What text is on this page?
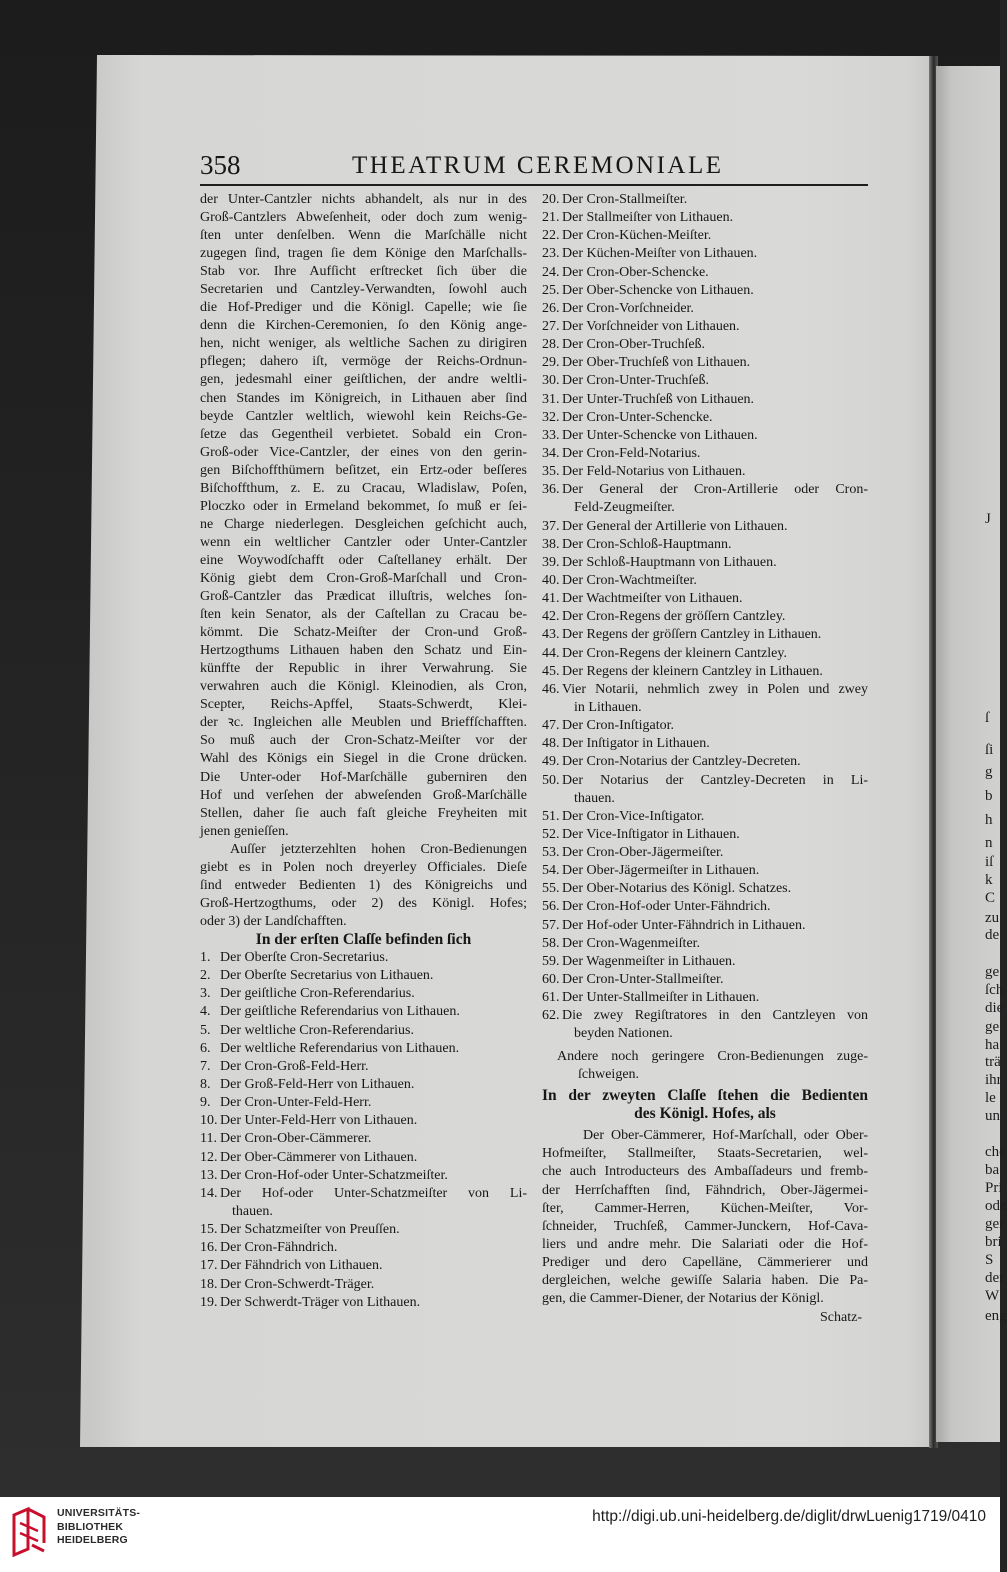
J
ſ
ſi
g
b
h
n
iſ
k
C
zu
de
ge
ſch
die
ge
ha
trä
ihr
le
un
che
ba
Pri
ode
ger
bri
S
der
W
eng
358	THEATRUM CEREMONIALE
der Unter-Cantzler nichts abhandelt, als nur in des
Groß-Cantzlers Abweſenheit, oder doch zum wenig-
ſten unter denſelben. Wenn die Marſchälle nicht
zugegen ſind, tragen ſie dem Könige den Marſchalls-
Stab vor. Ihre Aufſicht erſtrecket ſich über die
Secretarien und Cantzley-Verwandten, ſowohl auch
die Hof-Prediger und die Königl. Capelle; wie ſie
denn die Kirchen-Ceremonien, ſo den König ange-
hen, nicht weniger, als weltliche Sachen zu dirigiren
pflegen; dahero iſt, vermöge der Reichs-Ordnun-
gen, jedesmahl einer geiſtlichen, der andre weltli-
chen Standes im Königreich, in Lithauen aber ſind
beyde Cantzler weltlich, wiewohl kein Reichs-Ge-
ſetze das Gegentheil verbietet. Sobald ein Cron-
Groß-oder Vice-Cantzler, der eines von den gerin-
gen Biſchoffthümern beſitzet, ein Ertz-oder beſſeres
Biſchoffthum, z. E. zu Cracau, Wladislaw, Poſen,
Ploczko oder in Ermeland bekommet, ſo muß er ſei-
ne Charge niederlegen. Desgleichen geſchicht auch,
wenn ein weltlicher Cantzler oder Unter-Cantzler
eine Woywodſchafft oder Caſtellaney erhält. Der
König giebt dem Cron-Groß-Marſchall und Cron-
Groß-Cantzler das Prædicat illuſtris, welches ſon-
ſten kein Senator, als der Caſtellan zu Cracau be-
kömmt. Die Schatz-Meiſter der Cron-und Groß-
Hertzogthums Lithauen haben den Schatz und Ein-
künffte der Republic in ihrer Verwahrung. Sie
verwahren auch die Königl. Kleinodien, als Cron,
Scepter, Reichs-Apffel, Staats-Schwerdt, Klei-
der ꝛc. Ingleichen alle Meublen und Brieffſchafften.
So muß auch der Cron-Schatz-Meiſter vor der
Wahl des Königs ein Siegel in die Crone drücken.
Die Unter-oder Hof-Marſchälle guberniren den
Hof und verſehen der abweſenden Groß-Marſchälle
Stellen, daher ſie auch faſt gleiche Freyheiten mit
jenen genieſſen.
Auſſer jetzterzehlten hohen Cron-Bedienungen
giebt es in Polen noch dreyerley Officiales. Dieſe
ſind entweder Bedienten 1) des Königreichs und
Groß-Hertzogthums, oder 2) des Königl. Hofes;
oder 3) der Landſchafften.
In der erſten Claſſe befinden ſich
1. Der Oberſte Cron-Secretarius.
2. Der Oberſte Secretarius von Lithauen.
3. Der geiſtliche Cron-Referendarius.
4. Der geiſtliche Referendarius von Lithauen.
5. Der weltliche Cron-Referendarius.
6. Der weltliche Referendarius von Lithauen.
7. Der Cron-Groß-Feld-Herr.
8. Der Groß-Feld-Herr von Lithauen.
9. Der Cron-Unter-Feld-Herr.
10. Der Unter-Feld-Herr von Lithauen.
11. Der Cron-Ober-Cämmerer.
12. Der Ober-Cämmerer von Lithauen.
13. Der Cron-Hof-oder Unter-Schatzmeiſter.
14. Der Hof-oder Unter-Schatzmeiſter von Li-
thauen.
15. Der Schatzmeiſter von Preuſſen.
16. Der Cron-Fähndrich.
17. Der Fähndrich von Lithauen.
18. Der Cron-Schwerdt-Träger.
19. Der Schwerdt-Träger von Lithauen.
20. Der Cron-Stallmeiſter.
21. Der Stallmeiſter von Lithauen.
22. Der Cron-Küchen-Meiſter.
23. Der Küchen-Meiſter von Lithauen.
24. Der Cron-Ober-Schencke.
25. Der Ober-Schencke von Lithauen.
26. Der Cron-Vorſchneider.
27. Der Vorſchneider von Lithauen.
28. Der Cron-Ober-Truchſeß.
29. Der Ober-Truchſeß von Lithauen.
30. Der Cron-Unter-Truchſeß.
31. Der Unter-Truchſeß von Lithauen.
32. Der Cron-Unter-Schencke.
33. Der Unter-Schencke von Lithauen.
34. Der Cron-Feld-Notarius.
35. Der Feld-Notarius von Lithauen.
36. Der General der Cron-Artillerie oder Cron-
Feld-Zeugmeiſter.
37. Der General der Artillerie von Lithauen.
38. Der Cron-Schloß-Hauptmann.
39. Der Schloß-Hauptmann von Lithauen.
40. Der Cron-Wachtmeiſter.
41. Der Wachtmeiſter von Lithauen.
42. Der Cron-Regens der gröſſern Cantzley.
43. Der Regens der gröſſern Cantzley in Lithauen.
44. Der Cron-Regens der kleinern Cantzley.
45. Der Regens der kleinern Cantzley in Lithauen.
46. Vier Notarii, nehmlich zwey in Polen und zwey
in Lithauen.
47. Der Cron-Inſtigator.
48. Der Inſtigator in Lithauen.
49. Der Cron-Notarius der Cantzley-Decreten.
50. Der Notarius der Cantzley-Decreten in Li-
thauen.
51. Der Cron-Vice-Inſtigator.
52. Der Vice-Inſtigator in Lithauen.
53. Der Cron-Ober-Jägermeiſter.
54. Der Ober-Jägermeiſter in Lithauen.
55. Der Ober-Notarius des Königl. Schatzes.
56. Der Cron-Hof-oder Unter-Fähndrich.
57. Der Hof-oder Unter-Fähndrich in Lithauen.
58. Der Cron-Wagenmeiſter.
59. Der Wagenmeiſter in Lithauen.
60. Der Cron-Unter-Stallmeiſter.
61. Der Unter-Stallmeiſter in Lithauen.
62. Die zwey Regiſtratores in den Cantzleyen von
beyden Nationen.
Andere noch geringere Cron-Bedienungen zuge-
ſchweigen.
In der zweyten Claſſe ſtehen die Bedienten
des Königl. Hofes, als
Der Ober-Cämmerer, Hof-Marſchall, oder Ober-
Hofmeiſter, Stallmeiſter, Staats-Secretarien, wel-
che auch Introducteurs des Ambaſſadeurs und fremb-
der Herrſchafften ſind, Fähndrich, Ober-Jägermei-
ſter, Cammer-Herren, Küchen-Meiſter, Vor-
ſchneider, Truchſeß, Cammer-Junckern, Hof-Cava-
liers und andre mehr. Die Salariati oder die Hof-
Prediger und dero Capelläne, Cämmerierer und
dergleichen, welche gewiſſe Salaria haben. Die Pa-
gen, die Cammer-Diener, der Notarius der Königl.
Schatz-
UNIVERSITÄTS-
BIBLIOTHEK
HEIDELBERG
http://digi.ub.uni-heidelberg.de/diglit/drwLuenig1719/0410
